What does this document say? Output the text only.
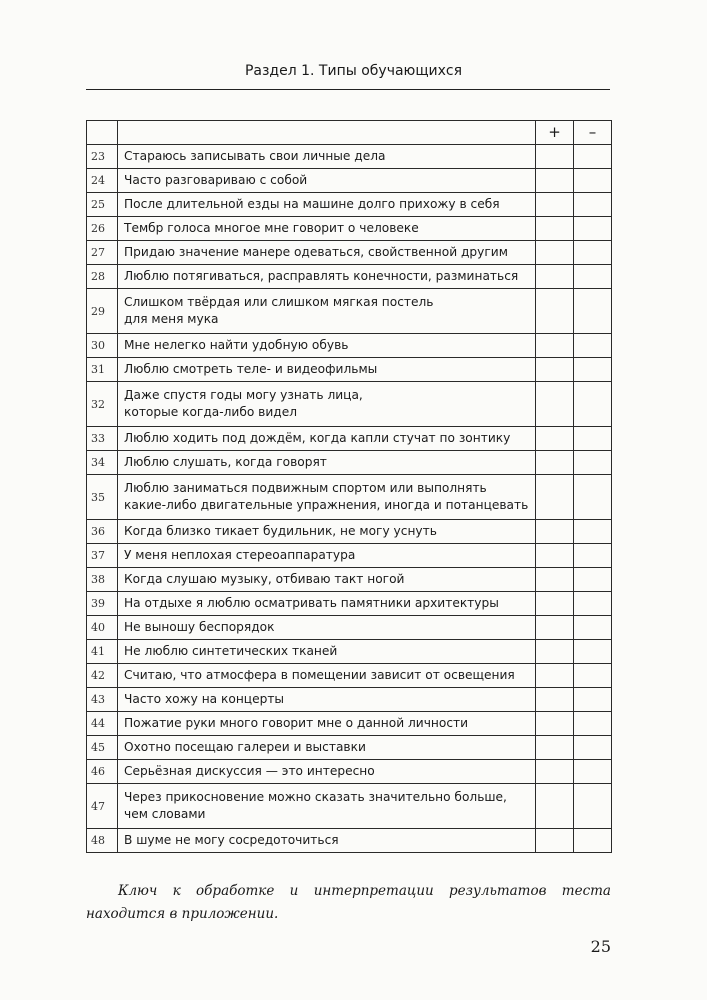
Раздел 1. Типы обучающихся
		+	–
23	Стараюсь записывать свои личные дела		
24	Часто разговариваю с собой		
25	После длительной езды на машине долго прихожу в себя		
26	Тембр голоса многое мне говорит о человеке		
27	Придаю значение манере одеваться, свойственной другим		
28	Люблю потягиваться, расправлять конечности, разминаться		
29	Слишком твёрдая или слишком мягкая постель
для меня мука		
30	Мне нелегко найти удобную обувь		
31	Люблю смотреть теле- и видеофильмы		
32	Даже спустя годы могу узнать лица,
которые когда-либо видел		
33	Люблю ходить под дождём, когда капли стучат по зонтику		
34	Люблю слушать, когда говорят		
35	Люблю заниматься подвижным спортом или выполнять
какие-либо двигательные упражнения, иногда и потанцевать		
36	Когда близко тикает будильник, не могу уснуть		
37	У меня неплохая стереоаппаратура		
38	Когда слушаю музыку, отбиваю такт ногой		
39	На отдыхе я люблю осматривать памятники архитектуры		
40	Не выношу беспорядок		
41	Не люблю синтетических тканей		
42	Считаю, что атмосфера в помещении зависит от освещения		
43	Часто хожу на концерты		
44	Пожатие руки много говорит мне о данной личности		
45	Охотно посещаю галереи и выставки		
46	Серьёзная дискуссия — это интересно		
47	Через прикосновение можно сказать значительно больше,
чем словами		
48	В шуме не могу сосредоточиться		
Ключ к обработке и интерпретации результатов теста находится в приложении.
25
